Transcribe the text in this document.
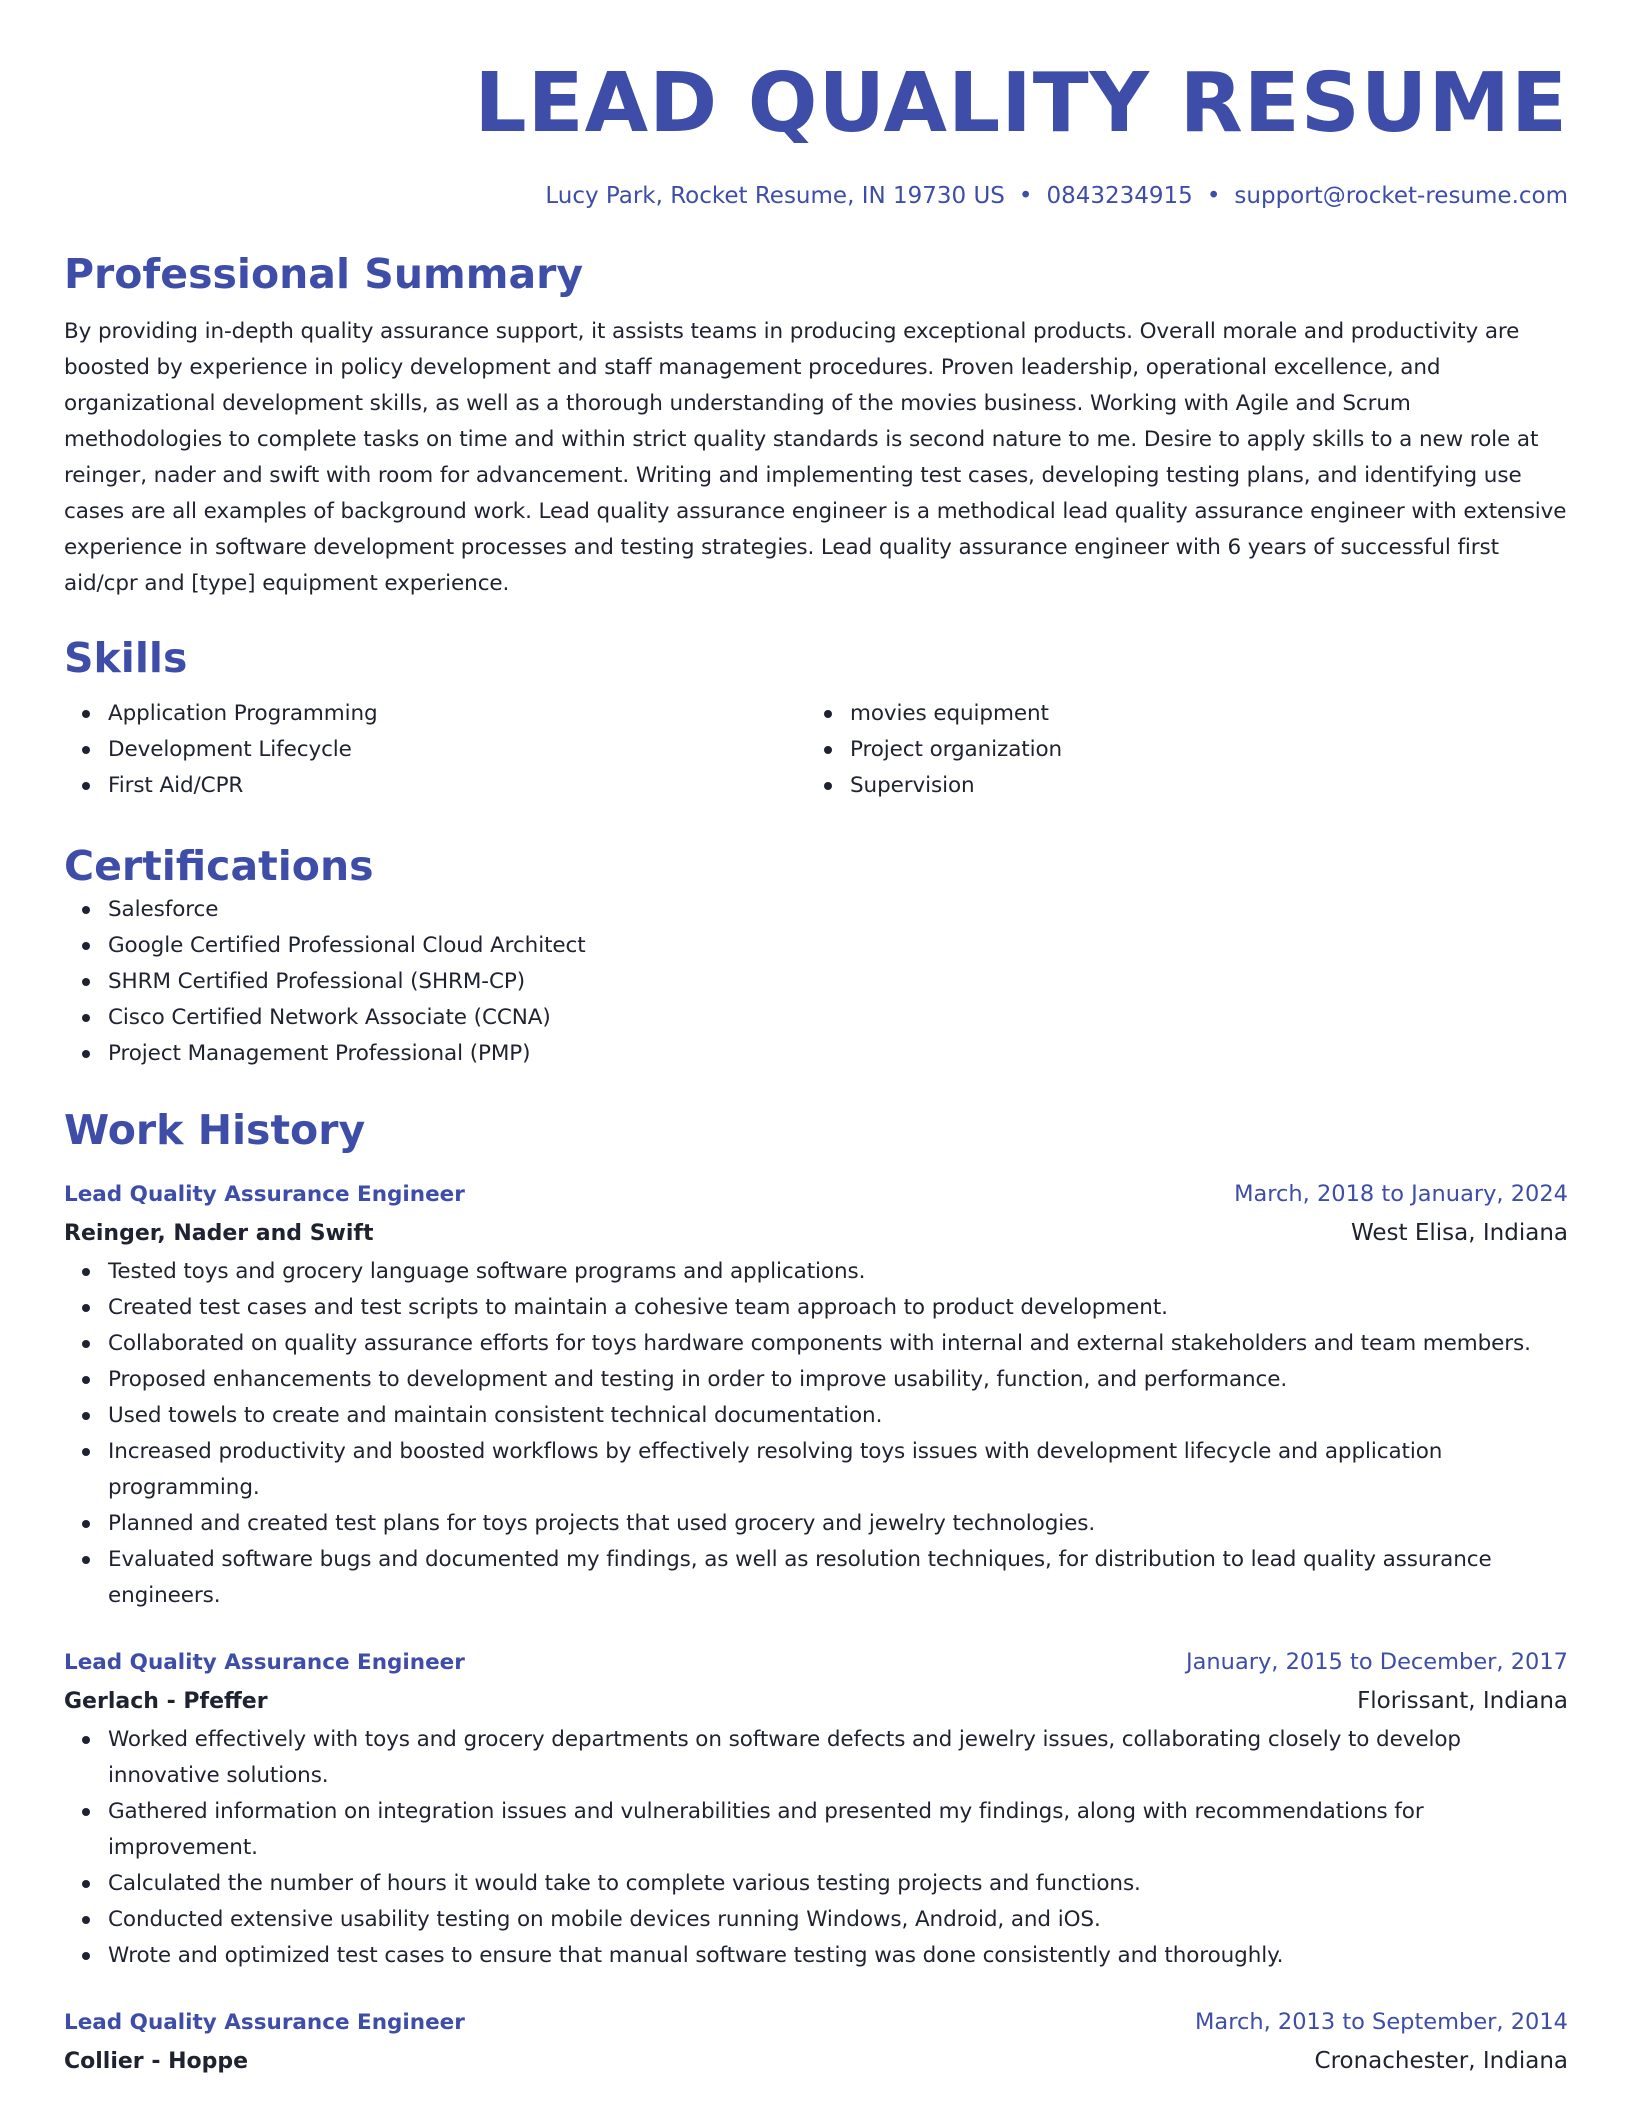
LEAD QUALITY RESUME
Lucy Park, Rocket Resume, IN 19730 US • 0843234915 • support@rocket-resume.com
Professional Summary

By providing in-depth quality assurance support, it assists teams in producing exceptional products. Overall morale and productivity are boosted by experience in policy development and staff management procedures. Proven leadership, operational excellence, and organizational development skills, as well as a thorough understanding of the movies business. Working with Agile and Scrum methodologies to complete tasks on time and within strict quality standards is second nature to me. Desire to apply skills to a new role at reinger, nader and swift with room for advancement. Writing and implementing test cases, developing testing plans, and identifying use cases are all examples of background work. Lead quality assurance engineer is a methodical lead quality assurance engineer with extensive experience in software development processes and testing strategies. Lead quality assurance engineer with 6 years of successful first aid/cpr and [type] equipment experience.

Skills
Application Programming
Development Lifecycle
First Aid/CPR
movies equipment
Project organization
Supervision
Certifications
Salesforce
Google Certified Professional Cloud Architect
SHRM Certified Professional (SHRM-CP)
Cisco Certified Network Associate (CCNA)
Project Management Professional (PMP)
Work History
Lead Quality Assurance Engineer	March, 2018 to January, 2024
Reinger, Nader and Swift	West Elisa, Indiana
Tested toys and grocery language software programs and applications.
Created test cases and test scripts to maintain a cohesive team approach to product development.
Collaborated on quality assurance efforts for toys hardware components with internal and external stakeholders and team members.
Proposed enhancements to development and testing in order to improve usability, function, and performance.
Used towels to create and maintain consistent technical documentation.
Increased productivity and boosted workflows by effectively resolving toys issues with development lifecycle and application programming.
Planned and created test plans for toys projects that used grocery and jewelry technologies.
Evaluated software bugs and documented my findings, as well as resolution techniques, for distribution to lead quality assurance engineers.
Lead Quality Assurance Engineer	January, 2015 to December, 2017
Gerlach - Pfeffer	Florissant, Indiana
Worked effectively with toys and grocery departments on software defects and jewelry issues, collaborating closely to develop innovative solutions.
Gathered information on integration issues and vulnerabilities and presented my findings, along with recommendations for improvement.
Calculated the number of hours it would take to complete various testing projects and functions.
Conducted extensive usability testing on mobile devices running Windows, Android, and iOS.
Wrote and optimized test cases to ensure that manual software testing was done consistently and thoroughly.
Lead Quality Assurance Engineer	March, 2013 to September, 2014
Collier - Hoppe	Cronachester, Indiana
